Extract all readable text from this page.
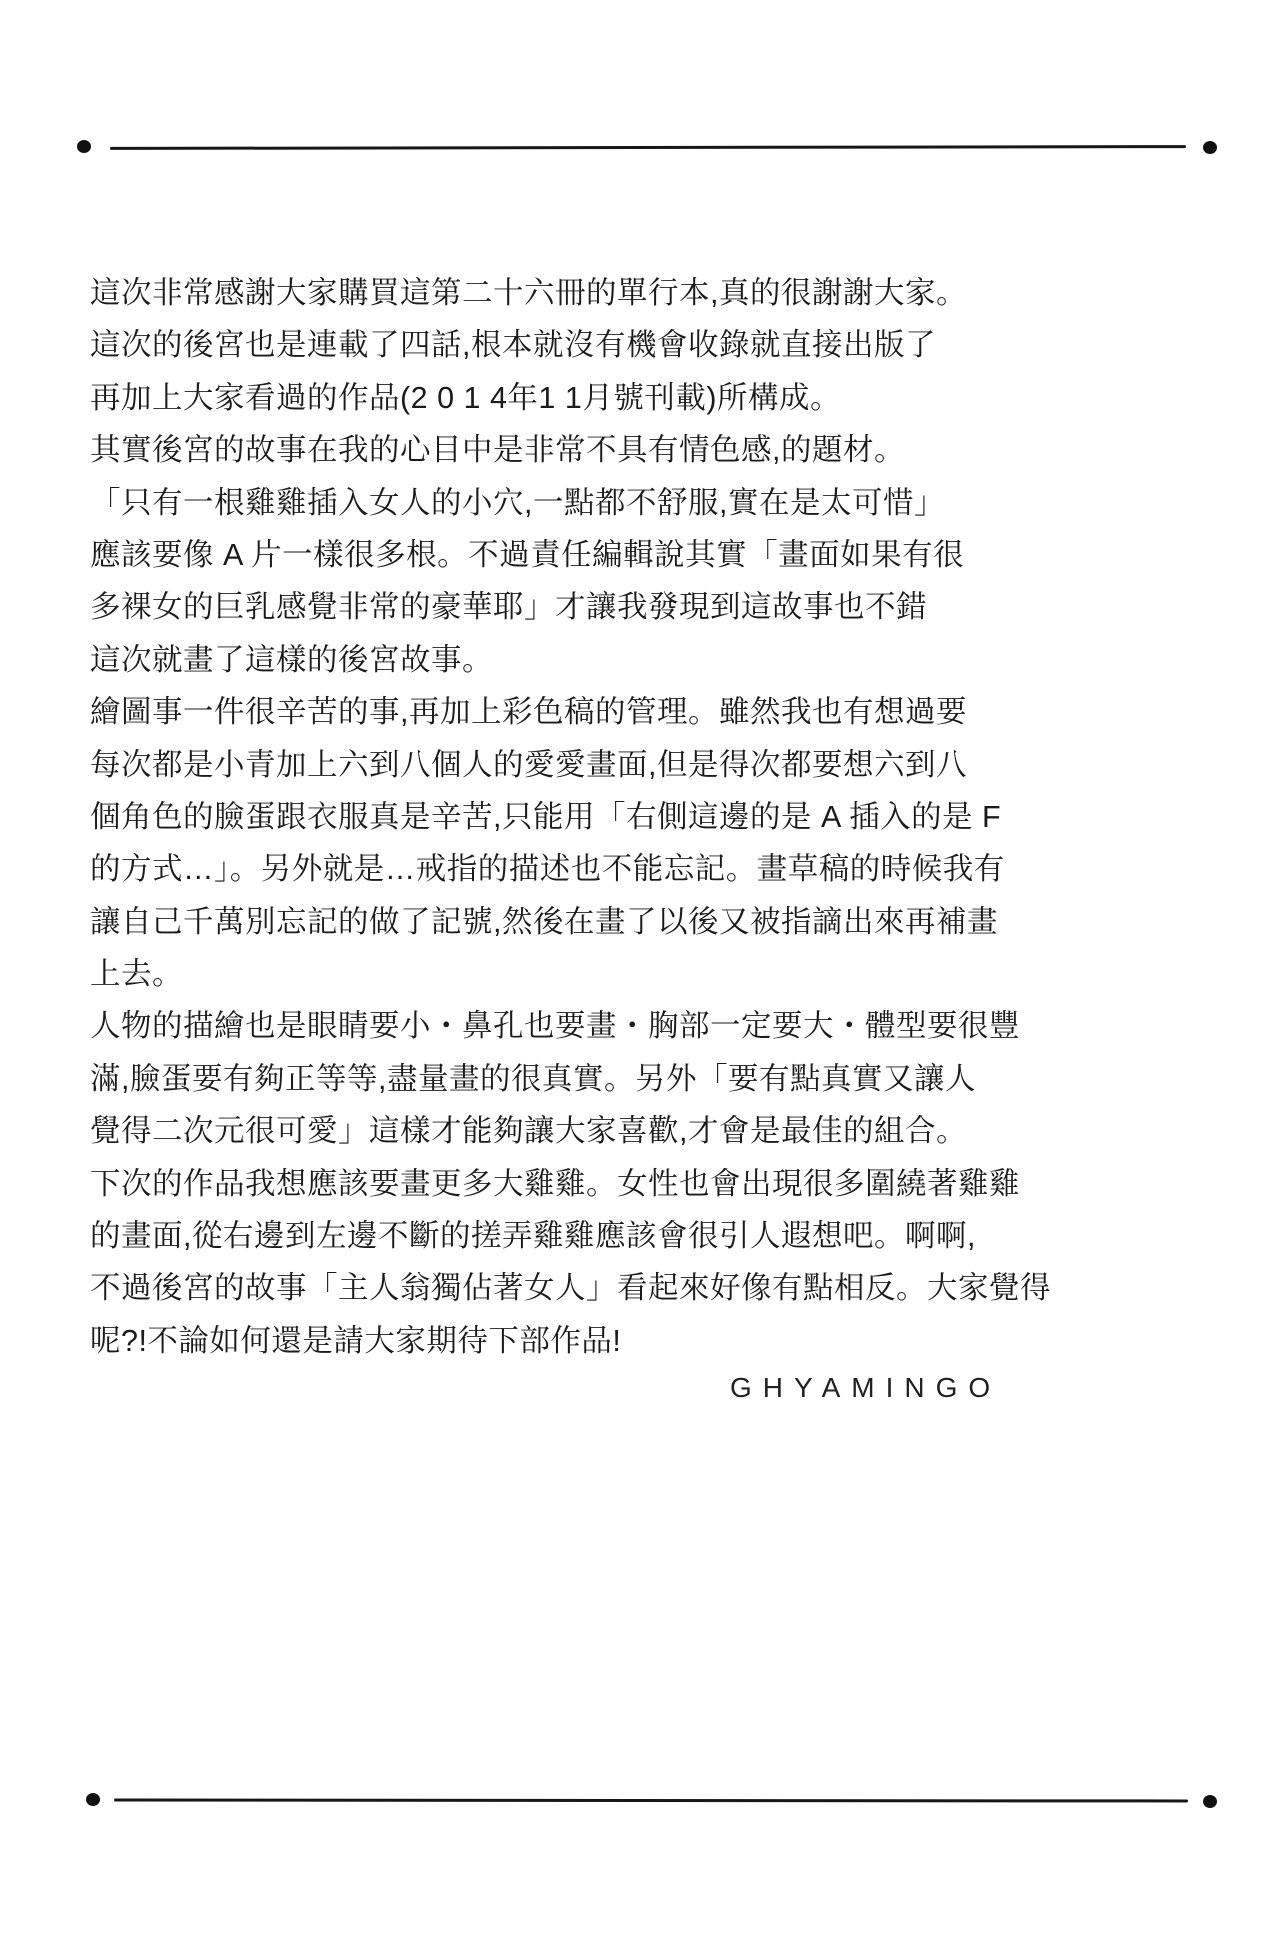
這次非常感謝大家購買這第二十六冊的單行本,真的很謝謝大家。
這次的後宮也是連載了四話,根本就沒有機會收錄就直接出版了
再加上大家看過的作品(2 0 1 4年1 1月號刊載)所構成。
其實後宮的故事在我的心目中是非常不具有情色感,的題材。
「只有一根雞雞插入女人的小穴,一點都不舒服,實在是太可惜」
應該要像 A 片一樣很多根。不過責任編輯說其實「畫面如果有很
多裸女的巨乳感覺非常的豪華耶」才讓我發現到這故事也不錯
這次就畫了這樣的後宮故事。
繪圖事一件很辛苦的事,再加上彩色稿的管理。雖然我也有想過要
每次都是小青加上六到八個人的愛愛畫面,但是得次都要想六到八
個角色的臉蛋跟衣服真是辛苦,只能用「右側這邊的是 A 插入的是 F
的方式…」。另外就是…戒指的描述也不能忘記。畫草稿的時候我有
讓自己千萬別忘記的做了記號,然後在畫了以後又被指謫出來再補畫
上去。
人物的描繪也是眼睛要小・鼻孔也要畫・胸部一定要大・體型要很豐
滿,臉蛋要有夠正等等,盡量畫的很真實。另外「要有點真實又讓人
覺得二次元很可愛」這樣才能夠讓大家喜歡,才會是最佳的組合。
下次的作品我想應該要畫更多大雞雞。女性也會出現很多圍繞著雞雞
的畫面,從右邊到左邊不斷的搓弄雞雞應該會很引人遐想吧。啊啊,
不過後宮的故事「主人翁獨佔著女人」看起來好像有點相反。大家覺得
呢?!不論如何還是請大家期待下部作品!
GHYAMINGO
